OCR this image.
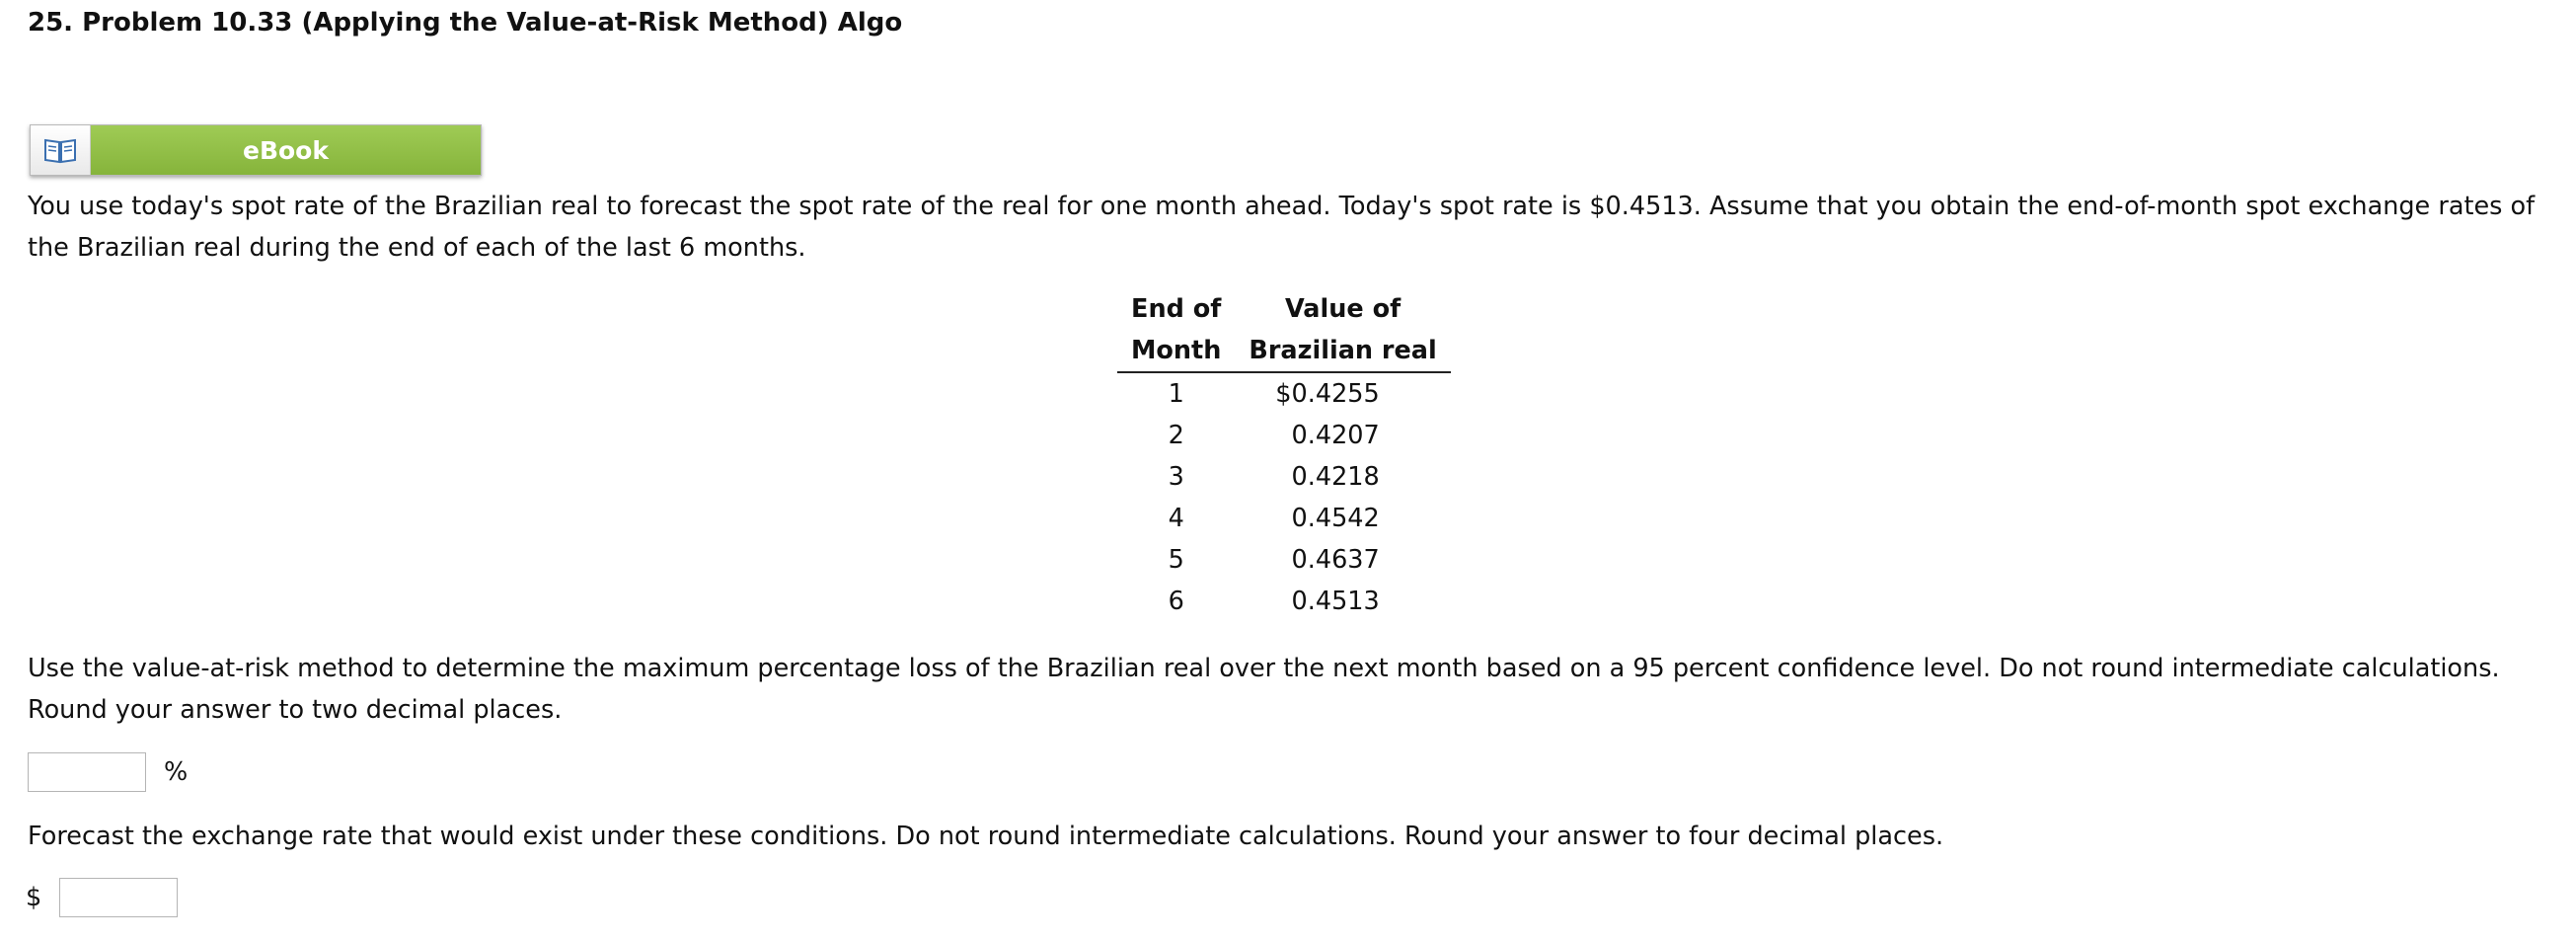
25. Problem 10.33 (Applying the Value-at-Risk Method) Algo
eBook
You use today's spot rate of the Brazilian real to forecast the spot rate of the real for one month ahead. Today's spot rate is $0.4513. Assume that you obtain the end-of-month spot exchange rates of the Brazilian real during the end of each of the last 6 months.
End of	Value of
Month	Brazilian real
1	$0.4255
2	0.4207
3	0.4218
4	0.4542
5	0.4637
6	0.4513
Use the value-at-risk method to determine the maximum percentage loss of the Brazilian real over the next month based on a 95 percent confidence level. Do not round intermediate calculations. Round your answer to two decimal places.
%
Forecast the exchange rate that would exist under these conditions. Do not round intermediate calculations. Round your answer to four decimal places.
$
